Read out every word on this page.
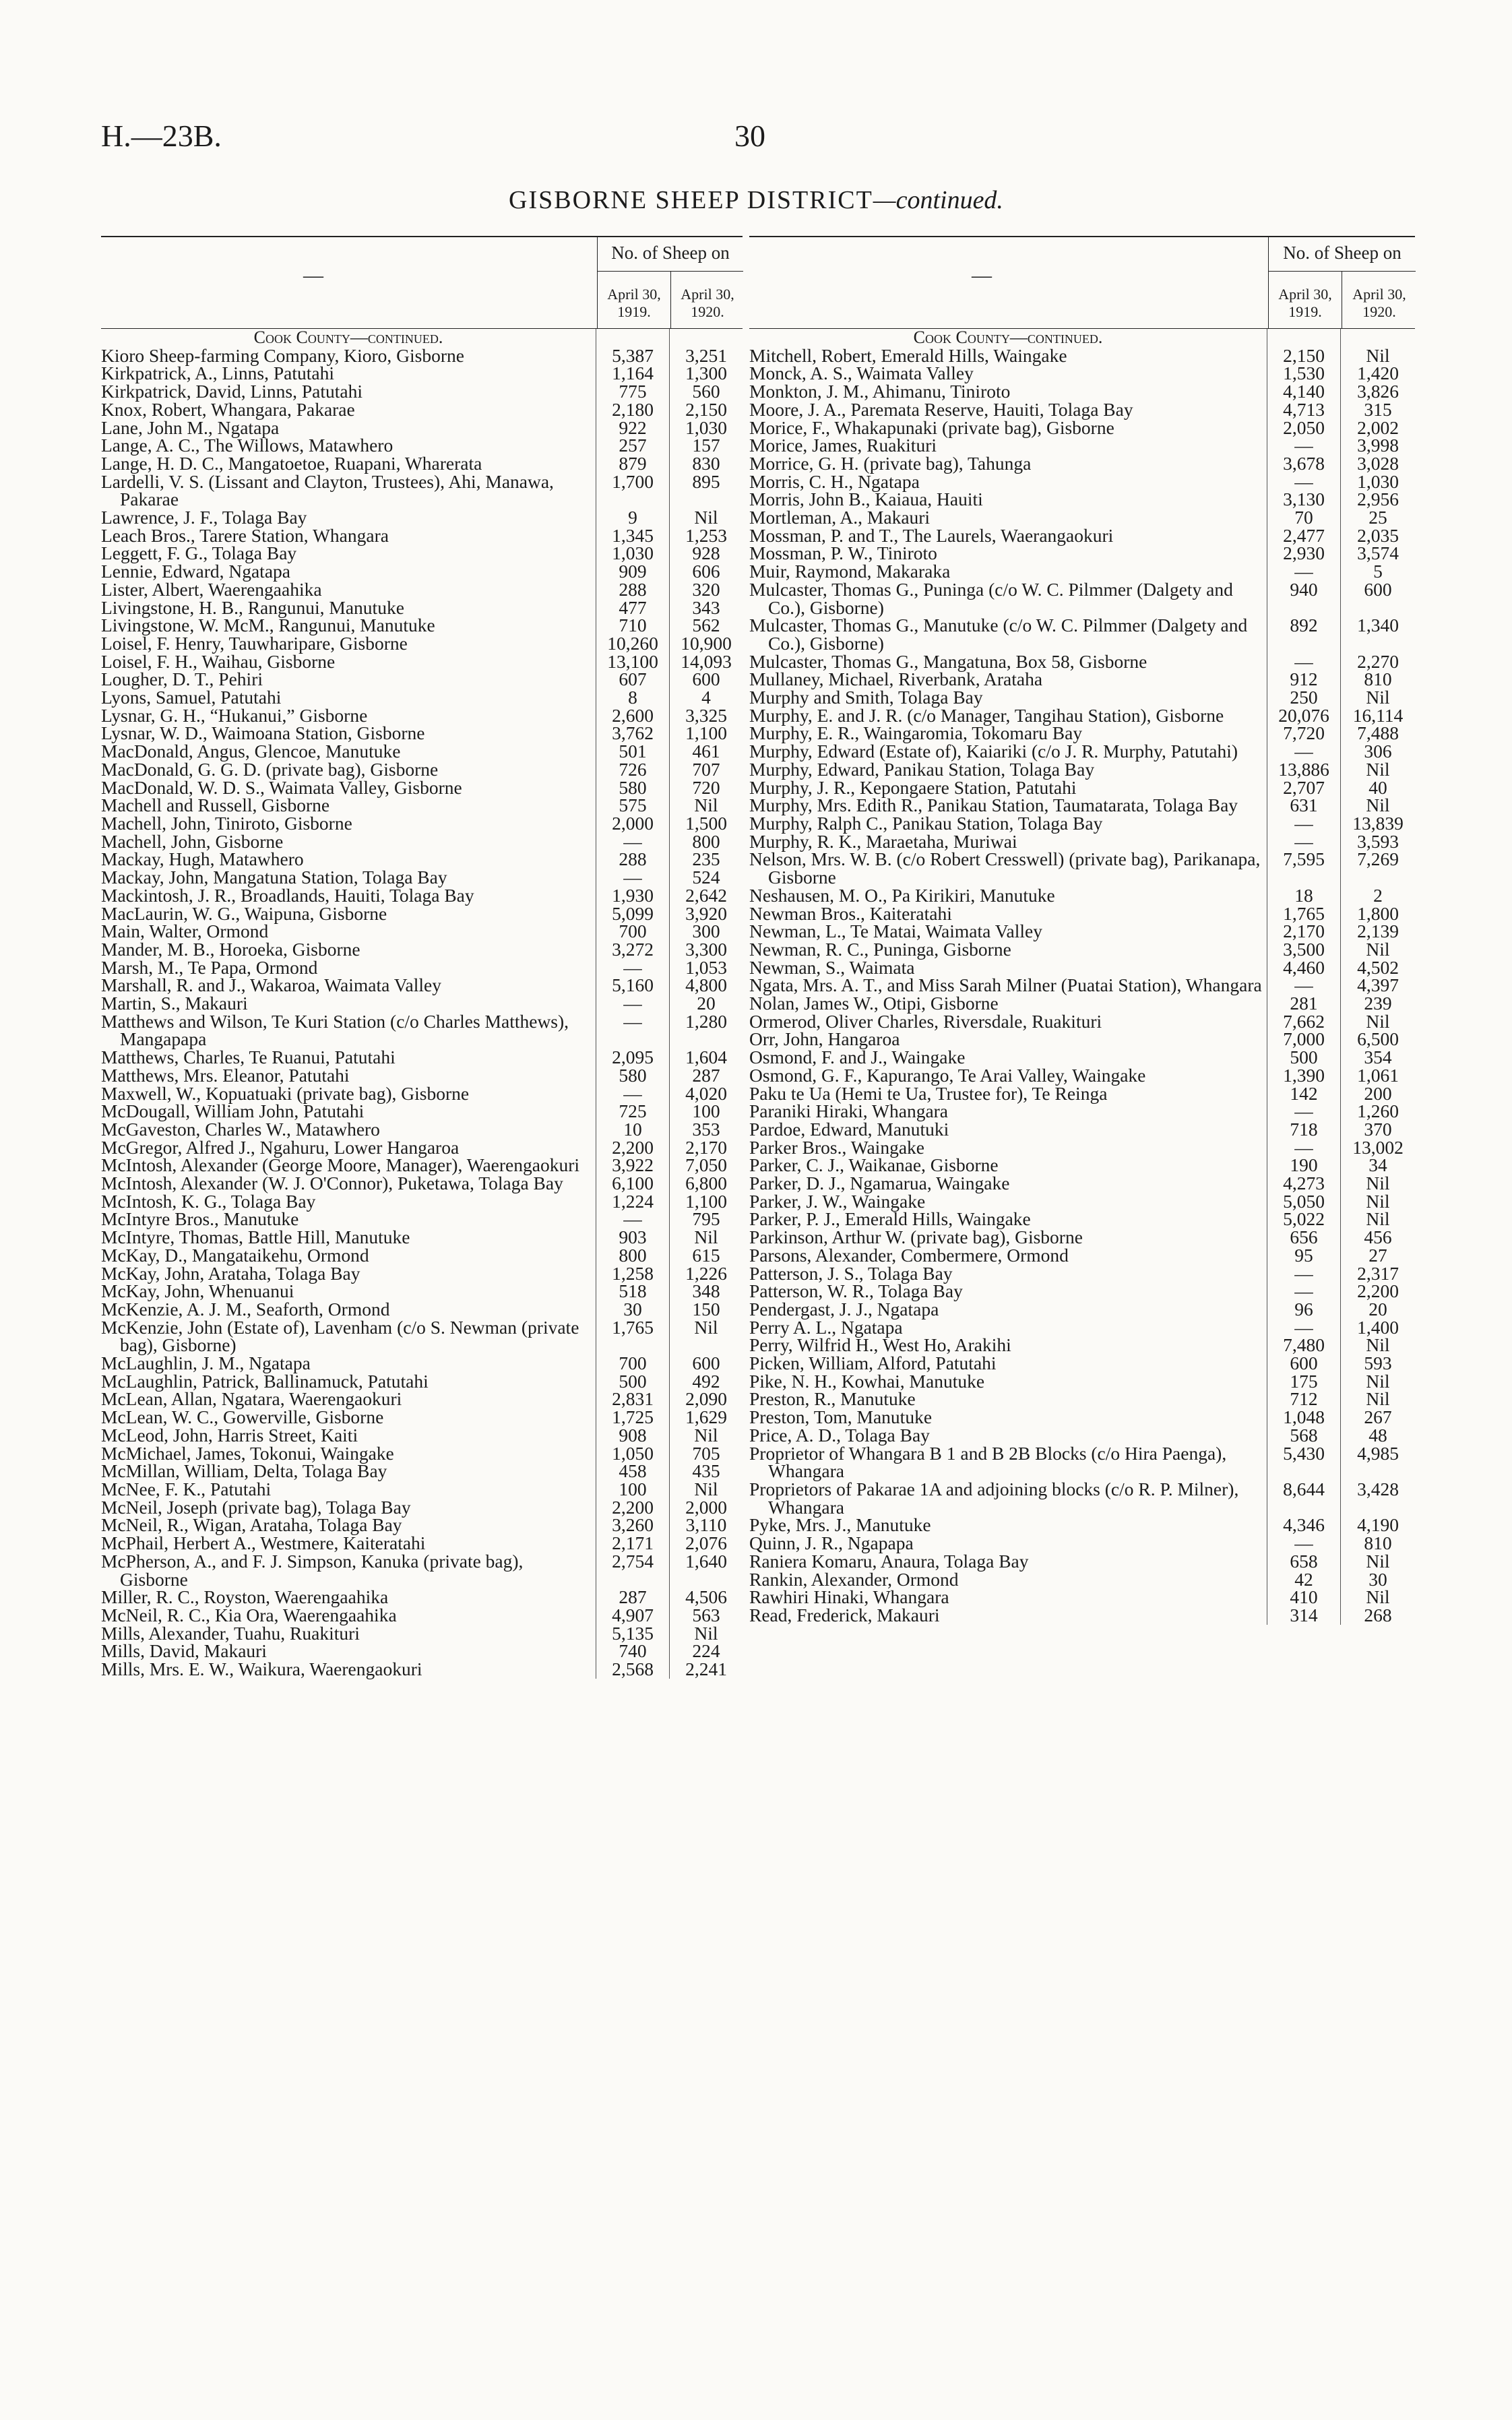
H.—23B.	30
GISBORNE SHEEP DISTRICT—continued.
—
No. of Sheep on
April 30, 1919.
April 30, 1920.
Cook County—continued.
Kioro Sheep-farming Company, Kioro, Gisborne	5,387	3,251
Kirkpatrick, A., Linns, Patutahi	1,164	1,300
Kirkpatrick, David, Linns, Patutahi	775	560
Knox, Robert, Whangara, Pakarae	2,180	2,150
Lane, John M., Ngatapa	922	1,030
Lange, A. C., The Willows, Matawhero	257	157
Lange, H. D. C., Mangatoetoe, Ruapani, Wharerata	879	830
Lardelli, V. S. (Lissant and Clayton, Trustees), Ahi, Manawa, Pakarae
1,700	895
Lawrence, J. F., Tolaga Bay	9	Nil
Leach Bros., Tarere Station, Whangara	1,345	1,253
Leggett, F. G., Tolaga Bay	1,030	928
Lennie, Edward, Ngatapa	909	606
Lister, Albert, Waerengaahika	288	320
Livingstone, H. B., Rangunui, Manutuke	477	343
Livingstone, W. McM., Rangunui, Manutuke	710	562
Loisel, F. Henry, Tauwharipare, Gisborne	10,260	10,900
Loisel, F. H., Waihau, Gisborne	13,100	14,093
Lougher, D. T., Pehiri	607	600
Lyons, Samuel, Patutahi	8	4
Lysnar, G. H., “Hukanui,” Gisborne	2,600	3,325
Lysnar, W. D., Waimoana Station, Gisborne	3,762	1,100
MacDonald, Angus, Glencoe, Manutuke	501	461
MacDonald, G. G. D. (private bag), Gisborne	726	707
MacDonald, W. D. S., Waimata Valley, Gisborne	580	720
Machell and Russell, Gisborne	575	Nil
Machell, John, Tiniroto, Gisborne	2,000	1,500
Machell, John, Gisborne	—	800
Mackay, Hugh, Matawhero	288	235
Mackay, John, Mangatuna Station, Tolaga Bay	—	524
Mackintosh, J. R., Broadlands, Hauiti, Tolaga Bay	1,930	2,642
MacLaurin, W. G., Waipuna, Gisborne	5,099	3,920
Main, Walter, Ormond	700	300
Mander, M. B., Horoeka, Gisborne	3,272	3,300
Marsh, M., Te Papa, Ormond	—	1,053
Marshall, R. and J., Wakaroa, Waimata Valley	5,160	4,800
Martin, S., Makauri	—	20
Matthews and Wilson, Te Kuri Station (c/o Charles Matthews), Mangapapa
—	1,280
Matthews, Charles, Te Ruanui, Patutahi	2,095	1,604
Matthews, Mrs. Eleanor, Patutahi	580	287
Maxwell, W., Kopuatuaki (private bag), Gisborne	—	4,020
McDougall, William John, Patutahi	725	100
McGaveston, Charles W., Matawhero	10	353
McGregor, Alfred J., Ngahuru, Lower Hangaroa	2,200	2,170
McIntosh, Alexander (George Moore, Manager), Waerengaokuri	3,922	7,050
McIntosh, Alexander (W. J. O'Connor), Puketawa, Tolaga Bay	6,100	6,800
McIntosh, K. G., Tolaga Bay	1,224	1,100
McIntyre Bros., Manutuke	—	795
McIntyre, Thomas, Battle Hill, Manutuke	903	Nil
McKay, D., Mangataikehu, Ormond	800	615
McKay, John, Arataha, Tolaga Bay	1,258	1,226
McKay, John, Whenuanui	518	348
McKenzie, A. J. M., Seaforth, Ormond	30	150
McKenzie, John (Estate of), Lavenham (c/o S. Newman (private bag), Gisborne)
1,765	Nil
McLaughlin, J. M., Ngatapa	700	600
McLaughlin, Patrick, Ballinamuck, Patutahi	500	492
McLean, Allan, Ngatara, Waerengaokuri	2,831	2,090
McLean, W. C., Gowerville, Gisborne	1,725	1,629
McLeod, John, Harris Street, Kaiti	908	Nil
McMichael, James, Tokonui, Waingake	1,050	705
McMillan, William, Delta, Tolaga Bay	458	435
McNee, F. K., Patutahi	100	Nil
McNeil, Joseph (private bag), Tolaga Bay	2,200	2,000
McNeil, R., Wigan, Arataha, Tolaga Bay	3,260	3,110
McPhail, Herbert A., Westmere, Kaiteratahi	2,171	2,076
McPherson, A., and F. J. Simpson, Kanuka (private bag), Gisborne
2,754	1,640
Miller, R. C., Royston, Waerengaahika	287	4,506
McNeil, R. C., Kia Ora, Waerengaahika	4,907	563
Mills, Alexander, Tuahu, Ruakituri	5,135	Nil
Mills, David, Makauri	740	224
Mills, Mrs. E. W., Waikura, Waerengaokuri	2,568	2,241
—
No. of Sheep on
April 30, 1919.
April 30, 1920.
Cook County—continued.
Mitchell, Robert, Emerald Hills, Waingake	2,150	Nil
Monck, A. S., Waimata Valley	1,530	1,420
Monkton, J. M., Ahimanu, Tiniroto	4,140	3,826
Moore, J. A., Paremata Reserve, Hauiti, Tolaga Bay	4,713	315
Morice, F., Whakapunaki (private bag), Gisborne	2,050	2,002
Morice, James, Ruakituri	—	3,998
Morrice, G. H. (private bag), Tahunga	3,678	3,028
Morris, C. H., Ngatapa	—	1,030
Morris, John B., Kaiaua, Hauiti	3,130	2,956
Mortleman, A., Makauri	70	25
Mossman, P. and T., The Laurels, Waerangaokuri	2,477	2,035
Mossman, P. W., Tiniroto	2,930	3,574
Muir, Raymond, Makaraka	—	5
Mulcaster, Thomas G., Puninga (c/o W. C. Pilmmer (Dalgety and Co.), Gisborne)
940	600
Mulcaster, Thomas G., Manutuke (c/o W. C. Pilmmer (Dalgety and Co.), Gisborne)
892	1,340
Mulcaster, Thomas G., Mangatuna, Box 58, Gisborne	—	2,270
Mullaney, Michael, Riverbank, Arataha	912	810
Murphy and Smith, Tolaga Bay	250	Nil
Murphy, E. and J. R. (c/o Manager, Tangihau Station), Gisborne	20,076	16,114
Murphy, E. R., Waingaromia, Tokomaru Bay	7,720	7,488
Murphy, Edward (Estate of), Kaiariki (c/o J. R. Murphy, Patutahi)	—	306
Murphy, Edward, Panikau Station, Tolaga Bay	13,886	Nil
Murphy, J. R., Kepongaere Station, Patutahi	2,707	40
Murphy, Mrs. Edith R., Panikau Station, Taumatarata, Tolaga Bay	631	Nil
Murphy, Ralph C., Panikau Station, Tolaga Bay	—	13,839
Murphy, R. K., Maraetaha, Muriwai	—	3,593
Nelson, Mrs. W. B. (c/o Robert Cresswell) (private bag), Parikanapa, Gisborne
7,595	7,269
Neshausen, M. O., Pa Kirikiri, Manutuke	18	2
Newman Bros., Kaiteratahi	1,765	1,800
Newman, L., Te Matai, Waimata Valley	2,170	2,139
Newman, R. C., Puninga, Gisborne	3,500	Nil
Newman, S., Waimata	4,460	4,502
Ngata, Mrs. A. T., and Miss Sarah Milner (Puatai Station), Whangara	—	4,397
Nolan, James W., Otipi, Gisborne	281	239
Ormerod, Oliver Charles, Riversdale, Ruakituri	7,662	Nil
Orr, John, Hangaroa	7,000	6,500
Osmond, F. and J., Waingake	500	354
Osmond, G. F., Kapurango, Te Arai Valley, Waingake	1,390	1,061
Paku te Ua (Hemi te Ua, Trustee for), Te Reinga	142	200
Paraniki Hiraki, Whangara	—	1,260
Pardoe, Edward, Manutuki	718	370
Parker Bros., Waingake	—	13,002
Parker, C. J., Waikanae, Gisborne	190	34
Parker, D. J., Ngamarua, Waingake	4,273	Nil
Parker, J. W., Waingake	5,050	Nil
Parker, P. J., Emerald Hills, Waingake	5,022	Nil
Parkinson, Arthur W. (private bag), Gisborne	656	456
Parsons, Alexander, Combermere, Ormond	95	27
Patterson, J. S., Tolaga Bay	—	2,317
Patterson, W. R., Tolaga Bay	—	2,200
Pendergast, J. J., Ngatapa	96	20
Perry A. L., Ngatapa	—	1,400
Perry, Wilfrid H., West Ho, Arakihi	7,480	Nil
Picken, William, Alford, Patutahi	600	593
Pike, N. H., Kowhai, Manutuke	175	Nil
Preston, R., Manutuke	712	Nil
Preston, Tom, Manutuke	1,048	267
Price, A. D., Tolaga Bay	568	48
Proprietor of Whangara B 1 and B 2B Blocks (c/o Hira Paenga), Whangara
5,430	4,985
Proprietors of Pakarae 1A and adjoining blocks (c/o R. P. Milner), Whangara
8,644	3,428
Pyke, Mrs. J., Manutuke	4,346	4,190
Quinn, J. R., Ngapapa	—	810
Raniera Komaru, Anaura, Tolaga Bay	658	Nil
Rankin, Alexander, Ormond	42	30
Rawhiri Hinaki, Whangara	410	Nil
Read, Frederick, Makauri	314	268
